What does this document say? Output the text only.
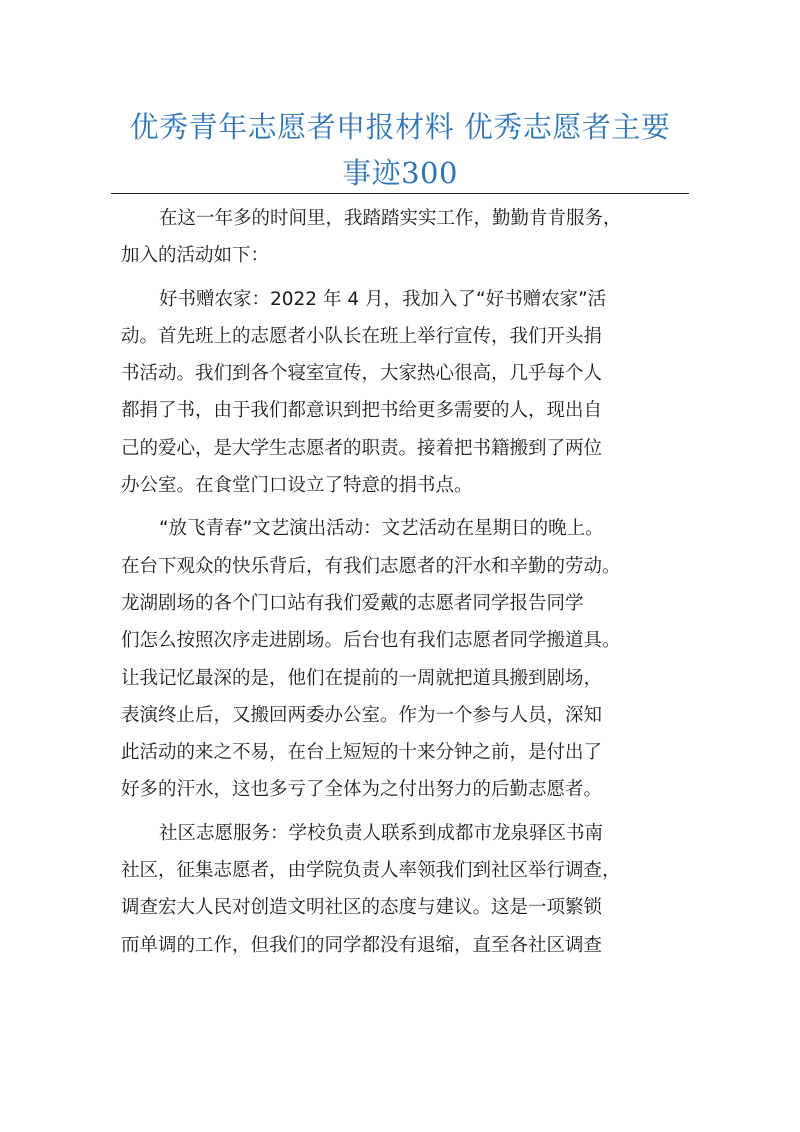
优秀青年志愿者申报材料 优秀志愿者主要
事迹300
在这一年多的时间里，我踏踏实实工作，勤勤肯肯服务，
加入的活动如下：
好书赠农家：2022 年 4 月，我加入了“好书赠农家”活
动。首先班上的志愿者小队长在班上举行宣传，我们开头捐
书活动。我们到各个寝室宣传，大家热心很高，几乎每个人
都捐了书，由于我们都意识到把书给更多需要的人，现出自
己的爱心，是大学生志愿者的职责。接着把书籍搬到了两位
办公室。在食堂门口设立了特意的捐书点。
“放飞青春”文艺演出活动：文艺活动在星期日的晚上。
在台下观众的快乐背后，有我们志愿者的汗水和辛勤的劳动。
龙湖剧场的各个门口站有我们爱戴的志愿者同学报告同学
们怎么按照次序走进剧场。后台也有我们志愿者同学搬道具。
让我记忆最深的是，他们在提前的一周就把道具搬到剧场，
表演终止后，又搬回两委办公室。作为一个参与人员，深知
此活动的来之不易，在台上短短的十来分钟之前，是付出了
好多的汗水，这也多亏了全体为之付出努力的后勤志愿者。
社区志愿服务：学校负责人联系到成都市龙泉驿区书南
社区，征集志愿者，由学院负责人率领我们到社区举行调查，
调查宏大人民对创造文明社区的态度与建议。这是一项繁锁
而单调的工作，但我们的同学都没有退缩，直至各社区调查
